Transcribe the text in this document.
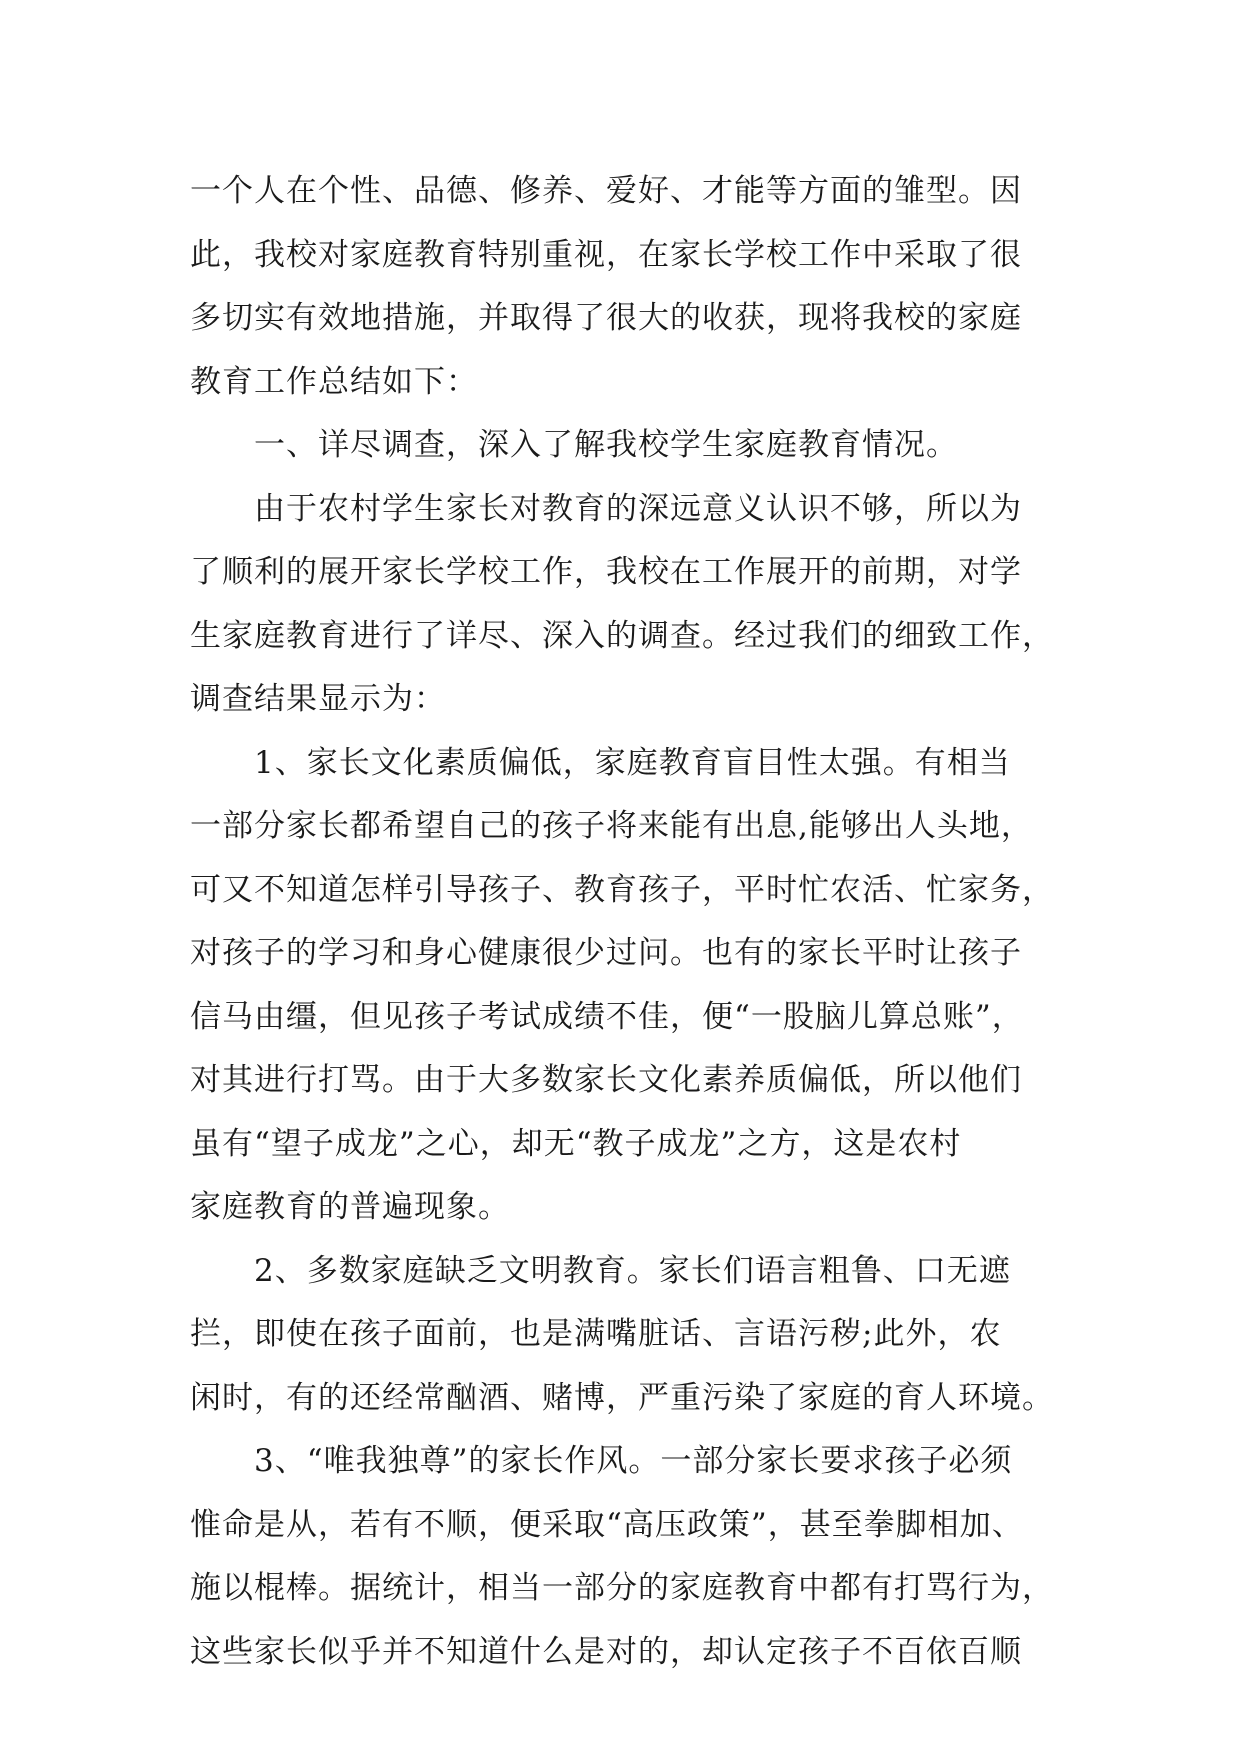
一个人在个性、品德、修养、爱好、才能等方面的雏型。因
此，我校对家庭教育特别重视，在家长学校工作中采取了很
多切实有效地措施，并取得了很大的收获，现将我校的家庭
教育工作总结如下：
一、详尽调查，深入了解我校学生家庭教育情况。
由于农村学生家长对教育的深远意义认识不够，所以为
了顺利的展开家长学校工作，我校在工作展开的前期，对学
生家庭教育进行了详尽、深入的调查。经过我们的细致工作，
调查结果显示为：
1、家长文化素质偏低，家庭教育盲目性太强。有相当
一部分家长都希望自己的孩子将来能有出息,能够出人头地，
可又不知道怎样引导孩子、教育孩子，平时忙农活、忙家务，
对孩子的学习和身心健康很少过问。也有的家长平时让孩子
信马由缰，但见孩子考试成绩不佳，便“一股脑儿算总账”，
对其进行打骂。由于大多数家长文化素养质偏低，所以他们
虽有“望子成龙”之心，却无“教子成龙”之方，这是农村
家庭教育的普遍现象。
2、多数家庭缺乏文明教育。家长们语言粗鲁、口无遮
拦，即使在孩子面前，也是满嘴脏话、言语污秽;此外，农
闲时，有的还经常酗酒、赌博，严重污染了家庭的育人环境。
3、“唯我独尊”的家长作风。一部分家长要求孩子必须
惟命是从，若有不顺，便采取“高压政策”，甚至拳脚相加、
施以棍棒。据统计，相当一部分的家庭教育中都有打骂行为，
这些家长似乎并不知道什么是对的，却认定孩子不百依百顺
